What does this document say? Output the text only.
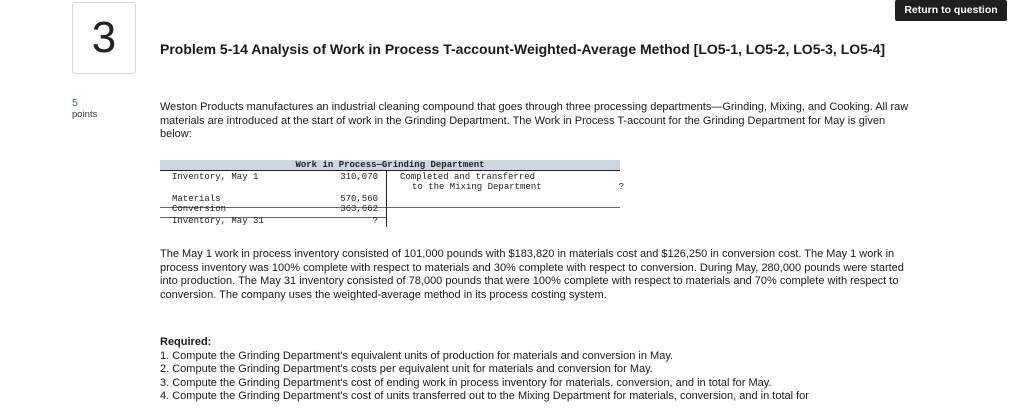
Return to question
3
5
points
Problem 5-14 Analysis of Work in Process T-account-Weighted-Average Method [LO5-1, LO5-2, LO5-3, LO5-4]

Weston Products manufactures an industrial cleaning compound that goes through three processing departments—Grinding, Mixing, and Cooking. All raw materials are introduced at the start of work in the Grinding Department. The Work in Process T-account for the Grinding Department for May is given below:

Work in Process—Grinding Department
Inventory, May 1	310,070
Materials	570,560
Conversion	363,662
Inventory, May 31	?
Completed and transferred
to the Mixing Department	?

The May 1 work in process inventory consisted of 101,000 pounds with $183,820 in materials cost and $126,250 in conversion cost. The May 1 work in process inventory was 100% complete with respect to materials and 30% complete with respect to conversion. During May, 280,000 pounds were started into production. The May 31 inventory consisted of 78,000 pounds that were 100% complete with respect to materials and 70% complete with respect to conversion. The company uses the weighted-average method in its process costing system.

Required:
1. Compute the Grinding Department's equivalent units of production for materials and conversion in May.
2. Compute the Grinding Department's costs per equivalent unit for materials and conversion for May.
3. Compute the Grinding Department's cost of ending work in process inventory for materials, conversion, and in total for May.
4. Compute the Grinding Department's cost of units transferred out to the Mixing Department for materials, conversion, and in total for
